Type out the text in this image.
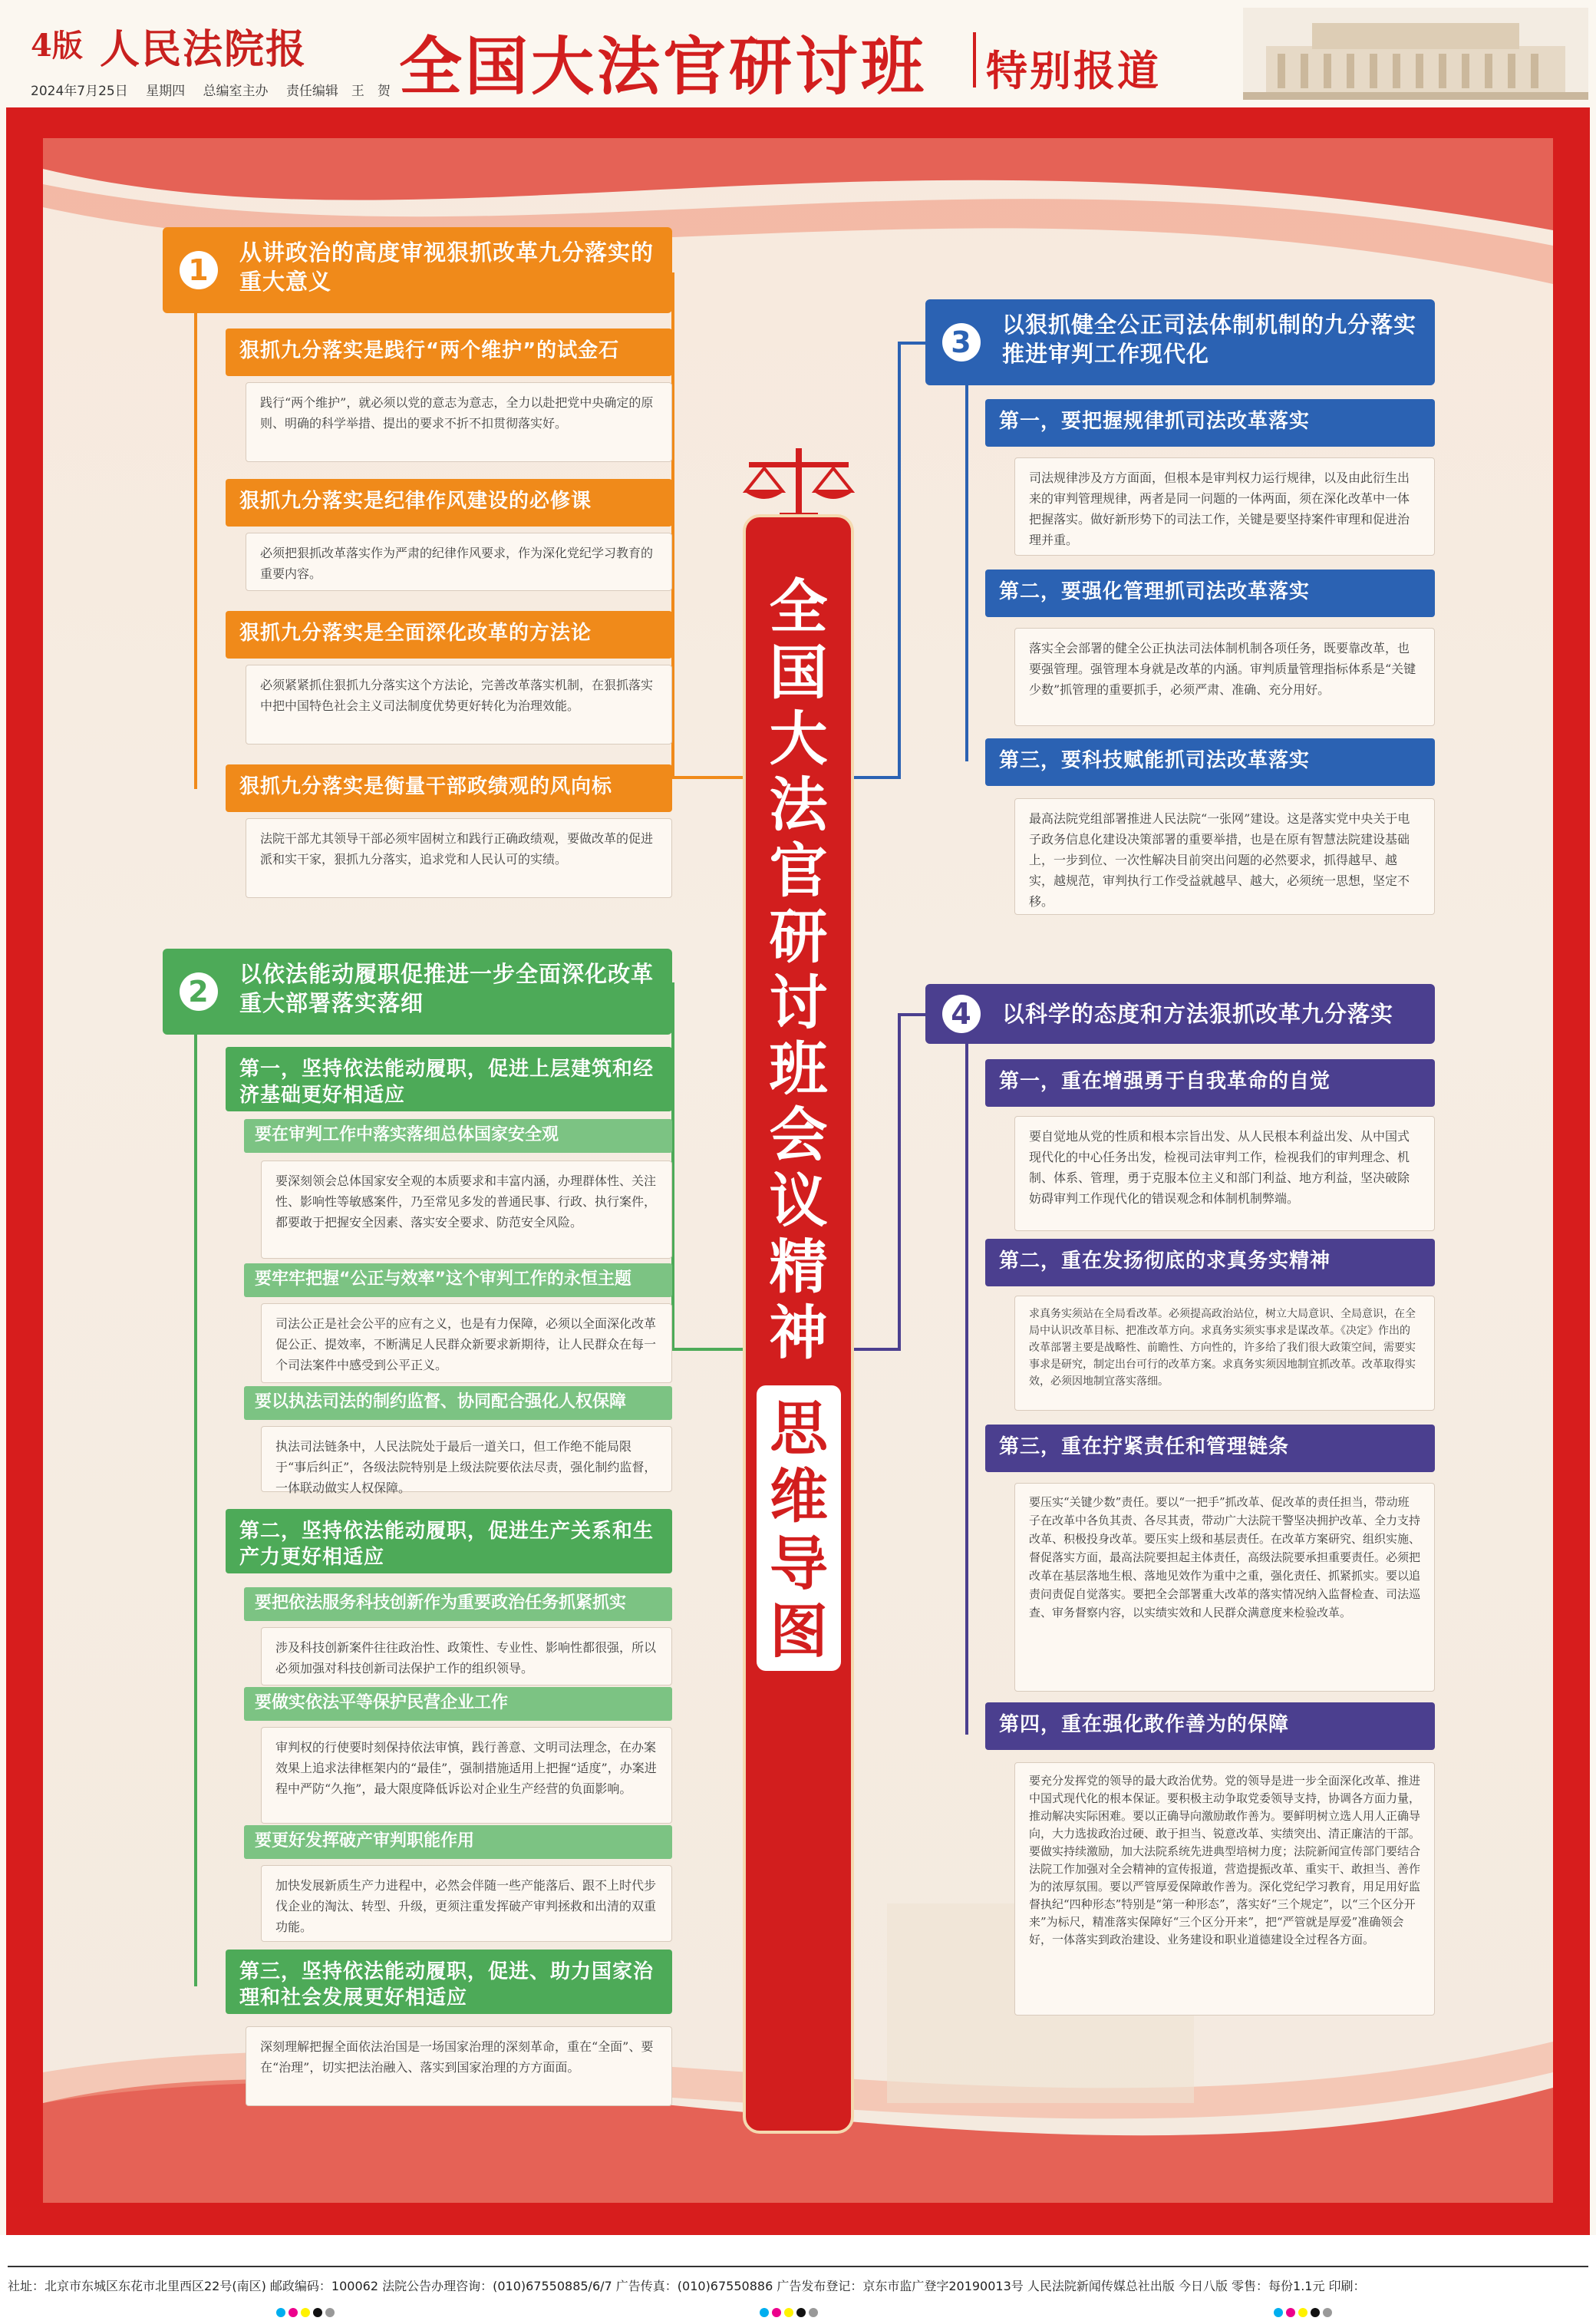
4版 人民法院报
2024年7月25日 星期四 总编室主办 责任编辑　王　贺 全国大法官研讨班 特别报道
全国大法官研讨班会议精神
思维导图
1
从讲政治的高度审视狠抓改革九分落实的重大意义
狠抓九分落实是践行“两个维护”的试金石
践行“两个维护”，就必须以党的意志为意志，全力以赴把党中央确定的原则、明确的科学举措、提出的要求不折不扣贯彻落实好。
狠抓九分落实是纪律作风建设的必修课
必须把狠抓改革落实作为严肃的纪律作风要求，作为深化党纪学习教育的重要内容。
狠抓九分落实是全面深化改革的方法论
必须紧紧抓住狠抓九分落实这个方法论，完善改革落实机制，在狠抓落实中把中国特色社会主义司法制度优势更好转化为治理效能。
狠抓九分落实是衡量干部政绩观的风向标
法院干部尤其领导干部必须牢固树立和践行正确政绩观，要做改革的促进派和实干家，狠抓九分落实，追求党和人民认可的实绩。
2
以依法能动履职促推进一步全面深化改革重大部署落实落细
第一，坚持依法能动履职，促进上层建筑和经济基础更好相适应
要在审判工作中落实落细总体国家安全观
要深刻领会总体国家安全观的本质要求和丰富内涵，办理群体性、关注性、影响性等敏感案件，乃至常见多发的普通民事、行政、执行案件，都要敢于把握安全因素、落实安全要求、防范安全风险。
要牢牢把握“公正与效率”这个审判工作的永恒主题
司法公正是社会公平的应有之义，也是有力保障，必须以全面深化改革促公正、提效率，不断满足人民群众新要求新期待，让人民群众在每一个司法案件中感受到公平正义。
要以执法司法的制约监督、协同配合强化人权保障
执法司法链条中，人民法院处于最后一道关口，但工作绝不能局限于“事后纠正”，各级法院特别是上级法院要依法尽责，强化制约监督，一体联动做实人权保障。
第二，坚持依法能动履职，促进生产关系和生产力更好相适应
要把依法服务科技创新作为重要政治任务抓紧抓实
涉及科技创新案件往往政治性、政策性、专业性、影响性都很强，所以必须加强对科技创新司法保护工作的组织领导。
要做实依法平等保护民营企业工作
审判权的行使要时刻保持依法审慎，践行善意、文明司法理念，在办案效果上追求法律框架内的“最佳”，强制措施适用上把握“适度”，办案进程中严防“久拖”，最大限度降低诉讼对企业生产经营的负面影响。
要更好发挥破产审判职能作用
加快发展新质生产力进程中，必然会伴随一些产能落后、跟不上时代步伐企业的淘汰、转型、升级，更须注重发挥破产审判拯救和出清的双重功能。
第三，坚持依法能动履职，促进、助力国家治理和社会发展更好相适应
深刻理解把握全面依法治国是一场国家治理的深刻革命，重在“全面”、要在“治理”，切实把法治融入、落实到国家治理的方方面面。
3
以狠抓健全公正司法体制机制的九分落实推进审判工作现代化
第一，要把握规律抓司法改革落实
司法规律涉及方方面面，但根本是审判权力运行规律，以及由此衍生出来的审判管理规律，两者是同一问题的一体两面，须在深化改革中一体把握落实。做好新形势下的司法工作，关键是要坚持案件审理和促进治理并重。
第二，要强化管理抓司法改革落实
落实全会部署的健全公正执法司法体制机制各项任务，既要靠改革，也要强管理。强管理本身就是改革的内涵。审判质量管理指标体系是“关键少数”抓管理的重要抓手，必须严肃、准确、充分用好。
第三，要科技赋能抓司法改革落实
最高法院党组部署推进人民法院“一张网”建设。这是落实党中央关于电子政务信息化建设决策部署的重要举措，也是在原有智慧法院建设基础上，一步到位、一次性解决目前突出问题的必然要求，抓得越早、越实，越规范，审判执行工作受益就越早、越大，必须统一思想，坚定不移。
4	以科学的态度和方法狠抓改革九分落实
第一，重在增强勇于自我革命的自觉
要自觉地从党的性质和根本宗旨出发、从人民根本利益出发、从中国式现代化的中心任务出发，检视司法审判工作，检视我们的审判理念、机制、体系、管理，勇于克服本位主义和部门利益、地方利益，坚决破除妨碍审判工作现代化的错误观念和体制机制弊端。
第二，重在发扬彻底的求真务实精神
求真务实须站在全局看改革。必须提高政治站位，树立大局意识、全局意识，在全局中认识改革目标、把准改革方向。求真务实须实事求是谋改革。《决定》作出的改革部署主要是战略性、前瞻性、方向性的，许多给了我们很大政策空间，需要实事求是研究，制定出台可行的改革方案。求真务实须因地制宜抓改革。改革取得实效，必须因地制宜落实落细。
第三，重在拧紧责任和管理链条
要压实“关键少数”责任。要以“一把手”抓改革、促改革的责任担当，带动班子在改革中各负其责、各尽其责，带动广大法院干警坚决拥护改革、全力支持改革、积极投身改革。要压实上级和基层责任。在改革方案研究、组织实施、督促落实方面，最高法院要担起主体责任，高级法院要承担重要责任。必须把改革在基层落地生根、落地见效作为重中之重，强化责任、抓紧抓实。要以追责问责促自觉落实。要把全会部署重大改革的落实情况纳入监督检查、司法巡查、审务督察内容，以实绩实效和人民群众满意度来检验改革。
第四，重在强化敢作善为的保障
要充分发挥党的领导的最大政治优势。党的领导是进一步全面深化改革、推进中国式现代化的根本保证。要积极主动争取党委领导支持，协调各方面力量，推动解决实际困难。要以正确导向激励敢作善为。要鲜明树立选人用人正确导向，大力选拔政治过硬、敢于担当、锐意改革、实绩突出、清正廉洁的干部。要做实持续激励，加大法院系统先进典型培树力度；法院新闻宣传部门要结合法院工作加强对全会精神的宣传报道，营造提振改革、重实干、敢担当、善作为的浓厚氛围。要以严管厚爱保障敢作善为。深化党纪学习教育，用足用好监督执纪“四种形态”特别是“第一种形态”，落实好“三个规定”，以“三个区分开来”为标尺，精准落实保障好“三个区分开来”，把“严管就是厚爱”准确领会好，一体落实到政治建设、业务建设和职业道德建设全过程各方面。
社址：北京市东城区东花市北里西区22号(南区) 邮政编码：100062 法院公告办理咨询：(010)67550885/6/7 广告传真：(010)67550886 广告发布登记：京东市监广登字20190013号 人民法院新闻传媒总社出版 今日八版 零售：每份1.1元 印刷：
